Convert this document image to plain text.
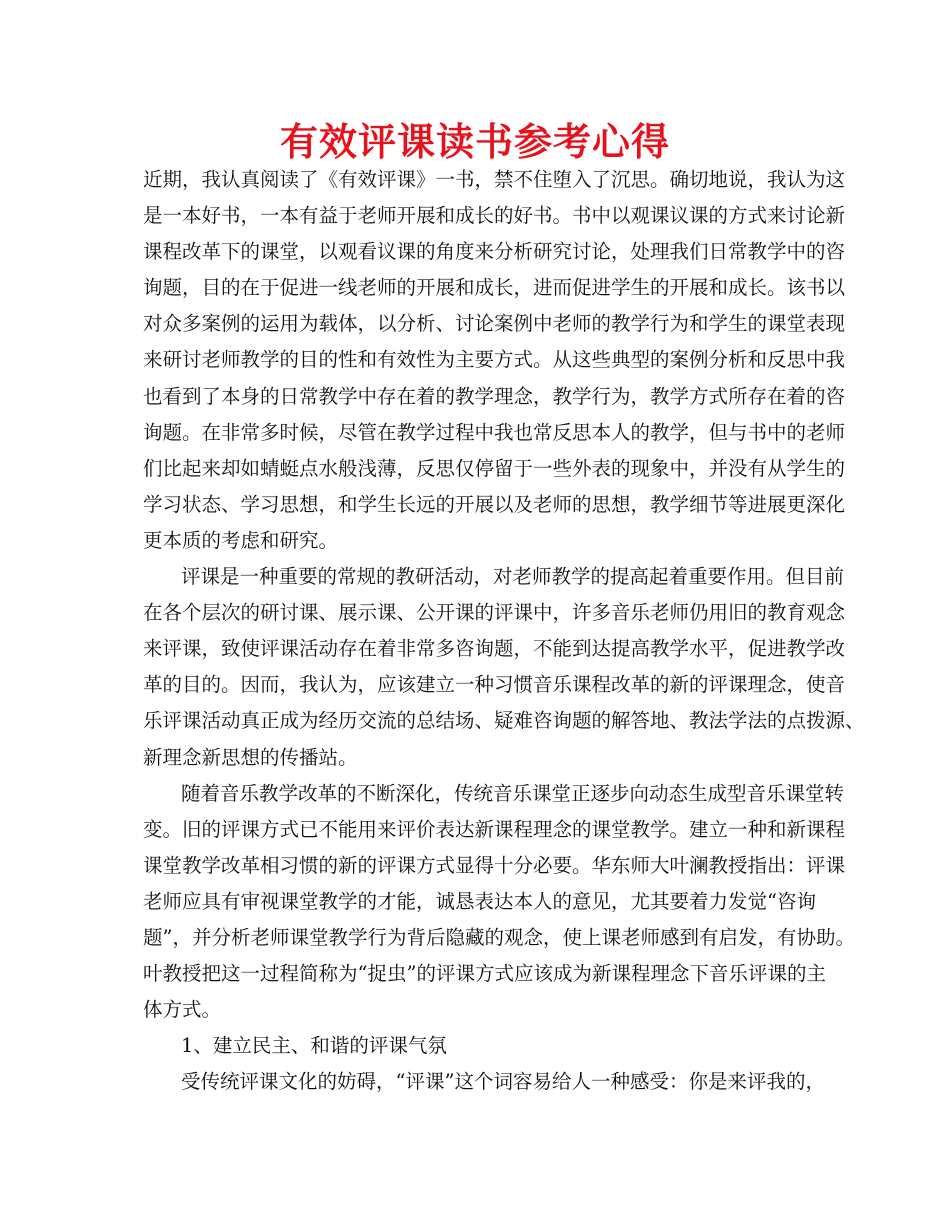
有效评课读书参考心得
近期，我认真阅读了《有效评课》一书，禁不住堕入了沉思。确切地说，我认为这
是一本好书，一本有益于老师开展和成长的好书。书中以观课议课的方式来讨论新
课程改革下的课堂，以观看议课的角度来分析研究讨论，处理我们日常教学中的咨
询题，目的在于促进一线老师的开展和成长，进而促进学生的开展和成长。该书以
对众多案例的运用为载体，以分析、讨论案例中老师的教学行为和学生的课堂表现
来研讨老师教学的目的性和有效性为主要方式。从这些典型的案例分析和反思中我
也看到了本身的日常教学中存在着的教学理念，教学行为，教学方式所存在着的咨
询题。在非常多时候，尽管在教学过程中我也常反思本人的教学，但与书中的老师
们比起来却如蜻蜓点水般浅薄，反思仅停留于一些外表的现象中，并没有从学生的
学习状态、学习思想，和学生长远的开展以及老师的思想，教学细节等进展更深化
更本质的考虑和研究。
评课是一种重要的常规的教研活动，对老师教学的提高起着重要作用。但目前
在各个层次的研讨课、展示课、公开课的评课中，许多音乐老师仍用旧的教育观念
来评课，致使评课活动存在着非常多咨询题，不能到达提高教学水平，促进教学改
革的目的。因而，我认为，应该建立一种习惯音乐课程改革的新的评课理念，使音
乐评课活动真正成为经历交流的总结场、疑难咨询题的解答地、教法学法的点拨源、
新理念新思想的传播站。
随着音乐教学改革的不断深化，传统音乐课堂正逐步向动态生成型音乐课堂转
变。旧的评课方式已不能用来评价表达新课程理念的课堂教学。建立一种和新课程
课堂教学改革相习惯的新的评课方式显得十分必要。华东师大叶澜教授指出：评课
老师应具有审视课堂教学的才能，诚恳表达本人的意见，尤其要着力发觉“咨询
题”，并分析老师课堂教学行为背后隐藏的观念，使上课老师感到有启发，有协助。
叶教授把这一过程简称为“捉虫”的评课方式应该成为新课程理念下音乐评课的主
体方式。
1、建立民主、和谐的评课气氛
受传统评课文化的妨碍，“评课”这个词容易给人一种感受：你是来评我的，
